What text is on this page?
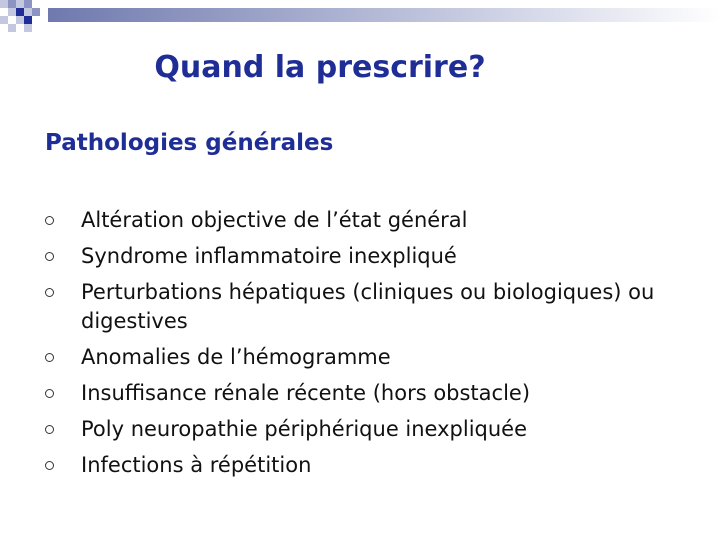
Quand la prescrire?
Pathologies générales
Altération objective de l’état général
Syndrome inflammatoire inexpliqué
Perturbations hépatiques (cliniques ou biologiques) ou digestives
Anomalies de l’hémogramme
Insuffisance rénale récente (hors obstacle)
Poly neuropathie périphérique inexpliquée
Infections à répétition
